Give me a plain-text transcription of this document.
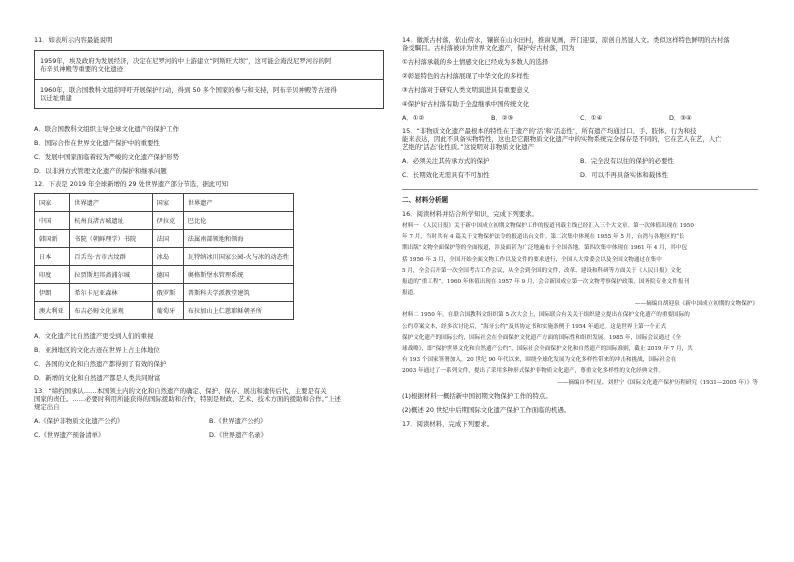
11．如表所示内容最能说明
1959年，埃及政府为发展经济，决定在尼罗河的中上游建立“阿斯旺大坝”，这可能会淹没尼罗河谷的阿
布辛贝神殿等重要的文化遗迹

1960年，联合国教科文组织呼吁开展保护行动，得到 50 多个国家的参与和支持，阿布辛贝神殿等古迹得
以迁址重建
A．联合国教科文组织主导全球文化遗产的保护工作
B．国际合作在世界文化遗产保护中的重要性
C．发展中国家面临着较为严峻的文化遗产保护形势
D．以非洲方式管理文化遗产的保护和继承问题
12．下表是 2019 年全球新增的 29 处世界遗产部分节选，据此可知
国家	世界遗产	国家	世界遗产
中国	杭州良渚古城遗址	伊拉克	巴比伦
韩国新	书院（朝鲜理学）书院	法国	法属南部领地和领海
日本	百舌鸟·古市古坟群	冰岛	瓦特纳冰川国家公园-火与冰的动态性
印度	拉贾斯坦邦斋浦尔城	德国	奥格斯堡水管理系统
伊朗	希尔卡尼亚森林	俄罗斯	普斯科夫学派教堂建筑
澳大利亚	布吉必姆文化景观	葡萄牙	布拉加山上仁慈耶稣朝圣所
A．文化遗产比自然遗产更受到人们的重视
B．亚洲地区的文化古迹在世界上占主体地位
C．各国的文化和自然遗产都得到了有效的保护
D．新增的文化和自然遗产都是人类共同财富
13．“缔约国承认……本国领土内的文化和自然遗产的确定、保护、保存、展出和遗传后代，主要是有关
国家的责任。……必要时利用所能获得的国际援助和合作，特别是财政、艺术、技术方面的援助和合作。”上述
规定出自
A.《保护非物质文化遗产公约》	B.《世界遗产公约》
C.《世界遗产预备清单》	D.《世界遗产名录》
14．徽派古村落，依山傍水，镶嵌在山水田村，推窗见画，开门迎景，原创自然显人文。类似这样特色鲜明的古村落
备受瞩目。古村落被评为世界文化遗产，保护好古村落，因为
①古村落承载的乡土情感文化已经成为多数人的选择
②彰显特色的古村落展现了中华文化的多样性
③古村落对于研究人类文明演进具有重要意义
④保护好古村落有助于全盘继承中国传统文化
A．①②	B．②③	C．①④	D．③④
15．“非物质文化遗产最根本的特性在于遗产的‘活’和‘活态性’，所有遗产均通过口、手、肢体、行为和技
能来表达，因此不具备实物特性，这也是它跟物质文化遗产中的实物系统完全保存是不同的，它在艺人在艺，人亡
艺绝的‘活态’化性质。”这说明对非物质文化遗产
A．必须关注其传承方式的保护	B．完全没有以往的保护的必要性
C．长期效化无需具有不可加性	D．可以不再具备实体和载体性
二、材料分析题
16．阅读材料并结合所学知识，完成下列要求。
材料一 《人民日报》关于新中国成立初期文物保护工作的报道刊载主线已经汇入三个大文章。第一次体值出现在 1950
年 7 月，当时共有 4 篇关于文物保护法令的报道出台文件。第二次集中体现在 1955 年 5 月，台湾与各地区的“长
期出版”文物全面保护等的全面报道，涉及面甚为广泛地遍布于全国各地。第四次集中体现在 1961 年 4 月，其中包
括 1956 年 3 月，全国开始全面文物工作以及文件的要求进行，全国人大常委会以及全国文物通过在集中
5 月，全会召开第一次全国考古工作会议，从全会到全国的文件，改革、建设和科研等方面关于《人民日报》文化
报道的“重工程”。1960 年体值出现在 1957 年 9 月，会合新国成立第一次文物考察保护政策，国务院专业文件报刊
报道。
——摘编自胡迎泉《新中国成立初期的文物保护》
材料二 1950 年，在联合国教科文组织第 5 次大会上，国际联合有关关于组织建立提出在保护文化遗产的重要国际的
公约草案文本，经多次讨论后，“海牙公约”及其协定书和实施条例于 1954 年通过。这是世界上第一个正式
保护文化遗产的国际公约，国际社会在全面保护文化遗产方面的国际性和组织发展。1985 年，国际会议通过《全
球战略》，即“保护世界文化和自然遗产公约”，国际社会全面保护文化和自然遗产的国际准则，截止 2019 年 7 月，共
有 193 个国家签署加入。20 世纪 90 年代以来，围绕全球化发展为文化多样性带来的冲击和挑战，国际社会在
2003 年通过了一系列文件，提出了采用多种形式保护非物质文化遗产，尊重文化多样性的文化经典文件。
——摘编自李红星、刘世宁《国际文化遗产保护历程研究（1931—2005 年）》等
(1)根据材料一概括新中国初期文物保护工作的特点。
(2)概述 20 世纪中后期国际文化遗产保护工作面临的机遇。
17．阅读材料，完成下列要求。
